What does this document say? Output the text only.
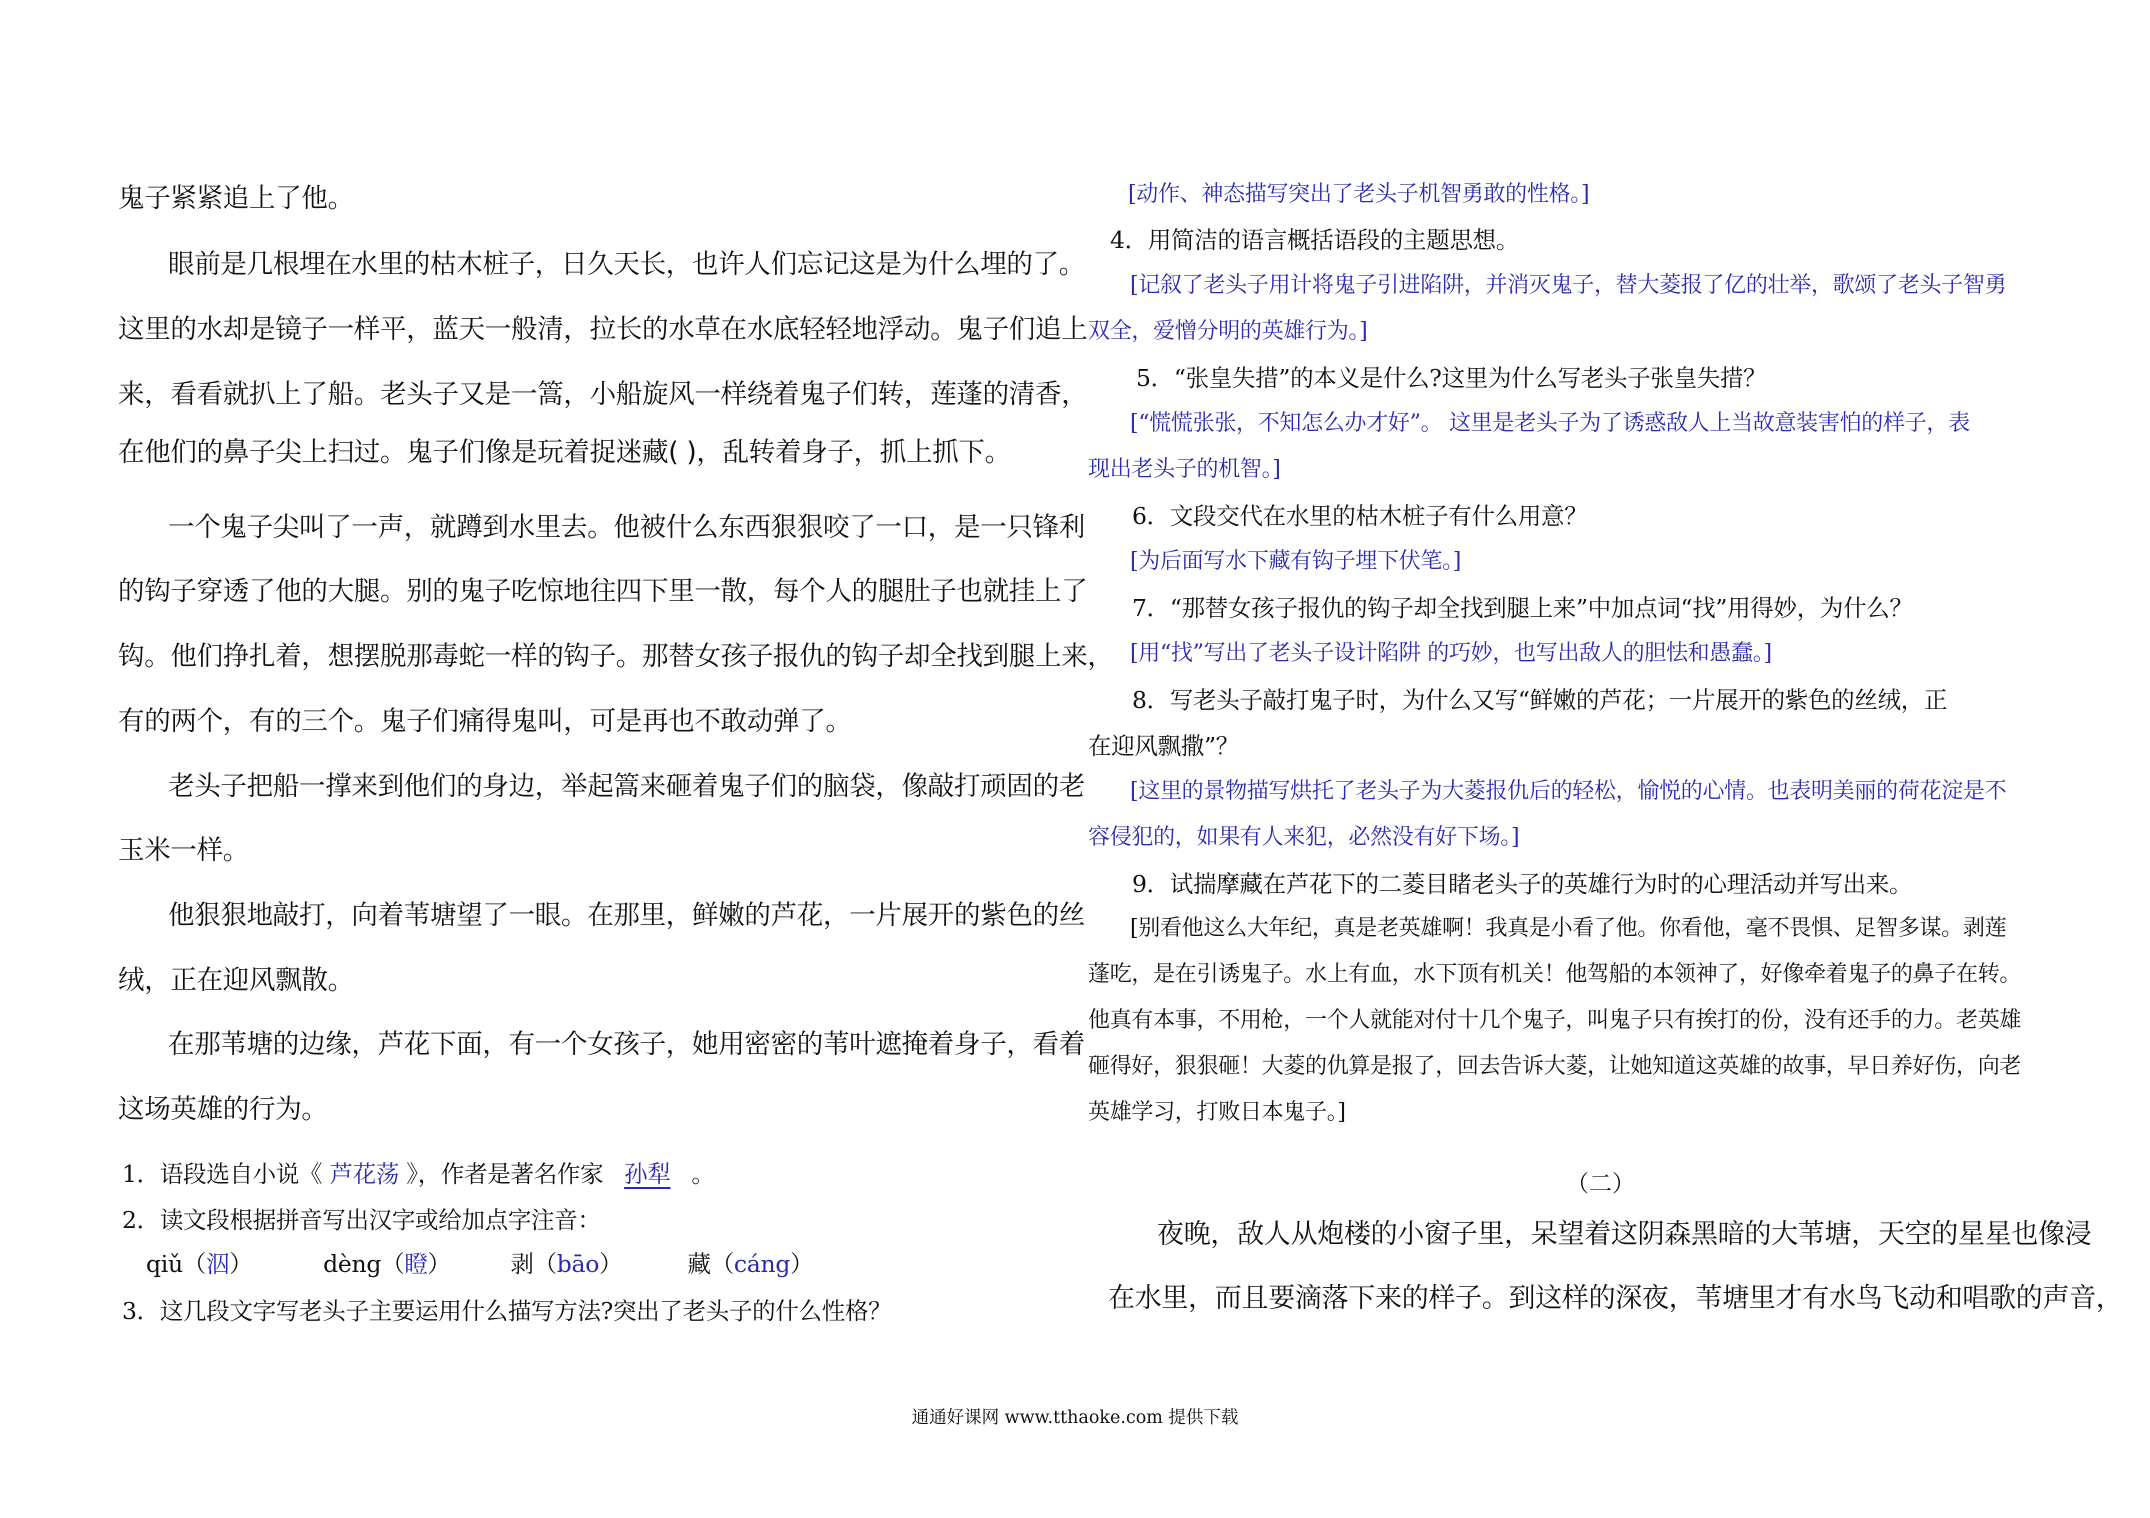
鬼子紧紧追上了他。
眼前是几根埋在水里的枯木桩子，日久天长，也许人们忘记这是为什么埋的了。
这里的水却是镜子一样平，蓝天一般清，拉长的水草在水底轻轻地浮动。鬼子们追上
来，看看就扒上了船。老头子又是一篙，小船旋风一样绕着鬼子们转，莲蓬的清香，
在他们的鼻子尖上扫过。鬼子们像是玩着捉迷藏( )，乱转着身子，抓上抓下。
一个鬼子尖叫了一声，就蹲到水里去。他被什么东西狠狠咬了一口，是一只锋利
的钩子穿透了他的大腿。别的鬼子吃惊地往四下里一散，每个人的腿肚子也就挂上了
钩。他们挣扎着，想摆脱那毒蛇一样的钩子。那替女孩子报仇的钩子却全找到腿上来，
有的两个，有的三个。鬼子们痛得鬼叫，可是再也不敢动弹了。
老头子把船一撑来到他们的身边，举起篙来砸着鬼子们的脑袋，像敲打顽固的老
玉米一样。
他狠狠地敲打，向着苇塘望了一眼。在那里，鲜嫩的芦花，一片展开的紫色的丝
绒，正在迎风飘散。
在那苇塘的边缘，芦花下面，有一个女孩子，她用密密的苇叶遮掩着身子，看着
这场英雄的行为。
1．语段选自小说《 芦花荡 》，作者是著名作家 孙犁 。
2．读文段根据拼音写出汉字或给加点字注音：
qiǔ（泅）	dèng（瞪）	剥（bāo）	藏（cáng）
3．这几段文字写老头子主要运用什么描写方法?突出了老头子的什么性格？
[动作、神态描写突出了老头子机智勇敢的性格。]
4．用简洁的语言概括语段的主题思想。
[记叙了老头子用计将鬼子引进陷阱，并消灭鬼子，替大菱报了亿的壮举，歌颂了老头子智勇
双全，爱憎分明的英雄行为。]
5．“张皇失措”的本义是什么?这里为什么写老头子张皇失措？
[“慌慌张张，不知怎么办才好”。 这里是老头子为了诱惑敌人上当故意装害怕的样子，表
现出老头子的机智。]
6．文段交代在水里的枯木桩子有什么用意？
[为后面写水下藏有钩子埋下伏笔。]
7．“那替女孩子报仇的钩子却全找到腿上来”中加点词“找”用得妙，为什么？
[用“找”写出了老头子设计陷阱 的巧妙，也写出敌人的胆怯和愚蠢。]
8．写老头子敲打鬼子时，为什么又写“鲜嫩的芦花；一片展开的紫色的丝绒，正
在迎风飘撒”？
[这里的景物描写烘托了老头子为大菱报仇后的轻松，愉悦的心情。也表明美丽的荷花淀是不
容侵犯的，如果有人来犯，必然没有好下场。]
9．试揣摩藏在芦花下的二菱目睹老头子的英雄行为时的心理活动并写出来。
[别看他这么大年纪，真是老英雄啊！我真是小看了他。你看他，毫不畏惧、足智多谋。剥莲
蓬吃，是在引诱鬼子。水上有血，水下顶有机关！他驾船的本领神了，好像牵着鬼子的鼻子在转。
他真有本事，不用枪，一个人就能对付十几个鬼子，叫鬼子只有挨打的份，没有还手的力。老英雄
砸得好，狠狠砸！大菱的仇算是报了，回去告诉大菱，让她知道这英雄的故事，早日养好伤，向老
英雄学习，打败日本鬼子。]
（二）
夜晚，敌人从炮楼的小窗子里，呆望着这阴森黑暗的大苇塘，天空的星星也像浸
在水里，而且要滴落下来的样子。到这样的深夜，苇塘里才有水鸟飞动和唱歌的声音，
通通好课网 www.tthaoke.com 提供下载
